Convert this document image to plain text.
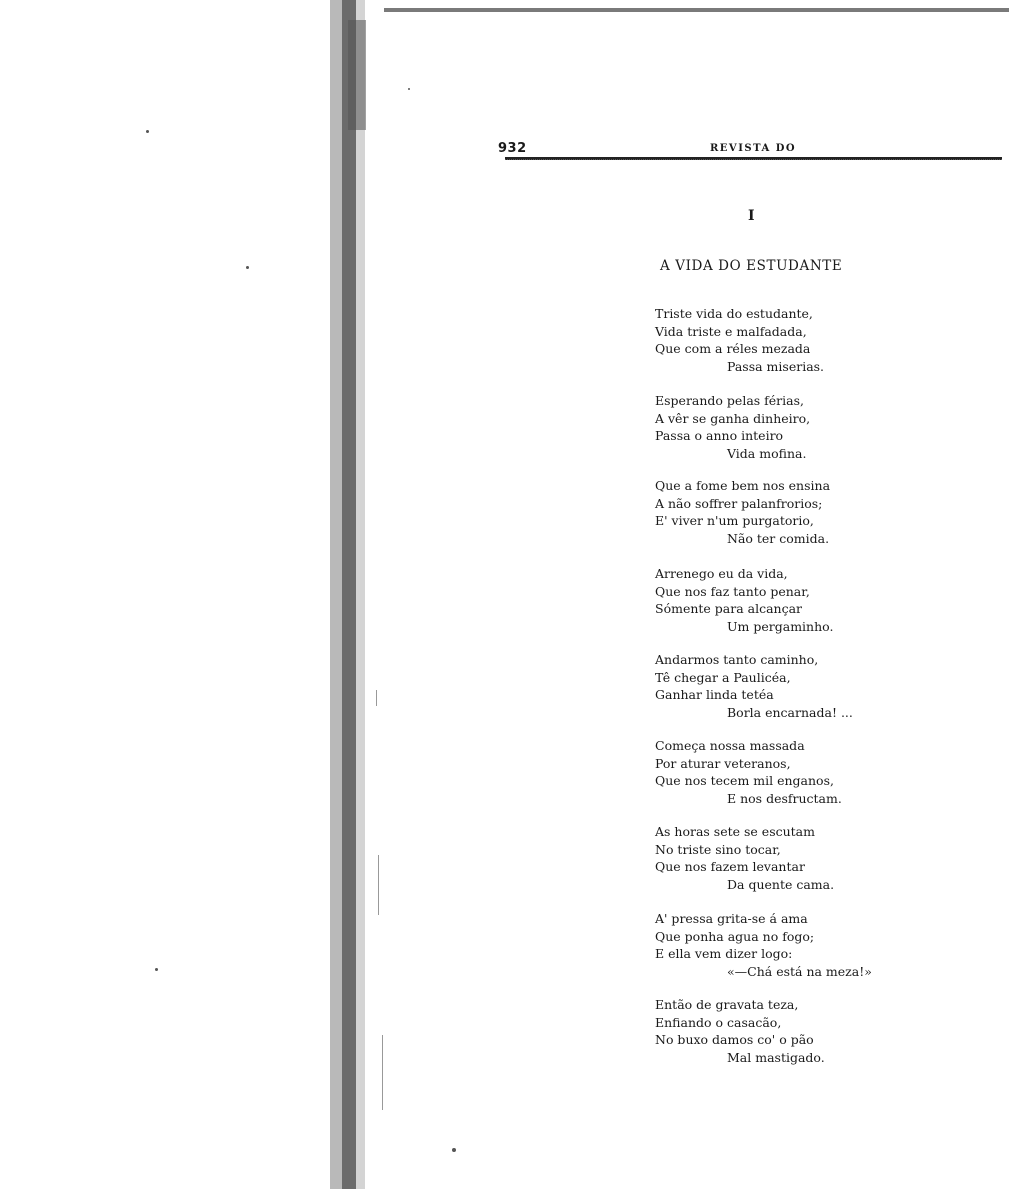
932	REVISTA DO
I
A VIDA DO ESTUDANTE
Triste vida do estudante,
Vida triste e malfadada,
Que com a réles mezada
Passa miserias.
Esperando pelas férias,
A vêr se ganha dinheiro,
Passa o anno inteiro
Vida mofina.
Que a fome bem nos ensina
A não soffrer palanfrorios;
E' viver n'um purgatorio,
Não ter comida.
Arrenego eu da vida,
Que nos faz tanto penar,
Sómente para alcançar
Um pergaminho.
Andarmos tanto caminho,
Tê chegar a Paulicéa,
Ganhar linda tetéa
Borla encarnada! ...
Começa nossa massada
Por aturar veteranos,
Que nos tecem mil enganos,
E nos desfructam.
As horas sete se escutam
No triste sino tocar,
Que nos fazem levantar
Da quente cama.
A' pressa grita-se á ama
Que ponha agua no fogo;
E ella vem dizer logo:
«—Chá está na meza!»
Então de gravata teza,
Enfiando o casacão,
No buxo damos co' o pão
Mal mastigado.
